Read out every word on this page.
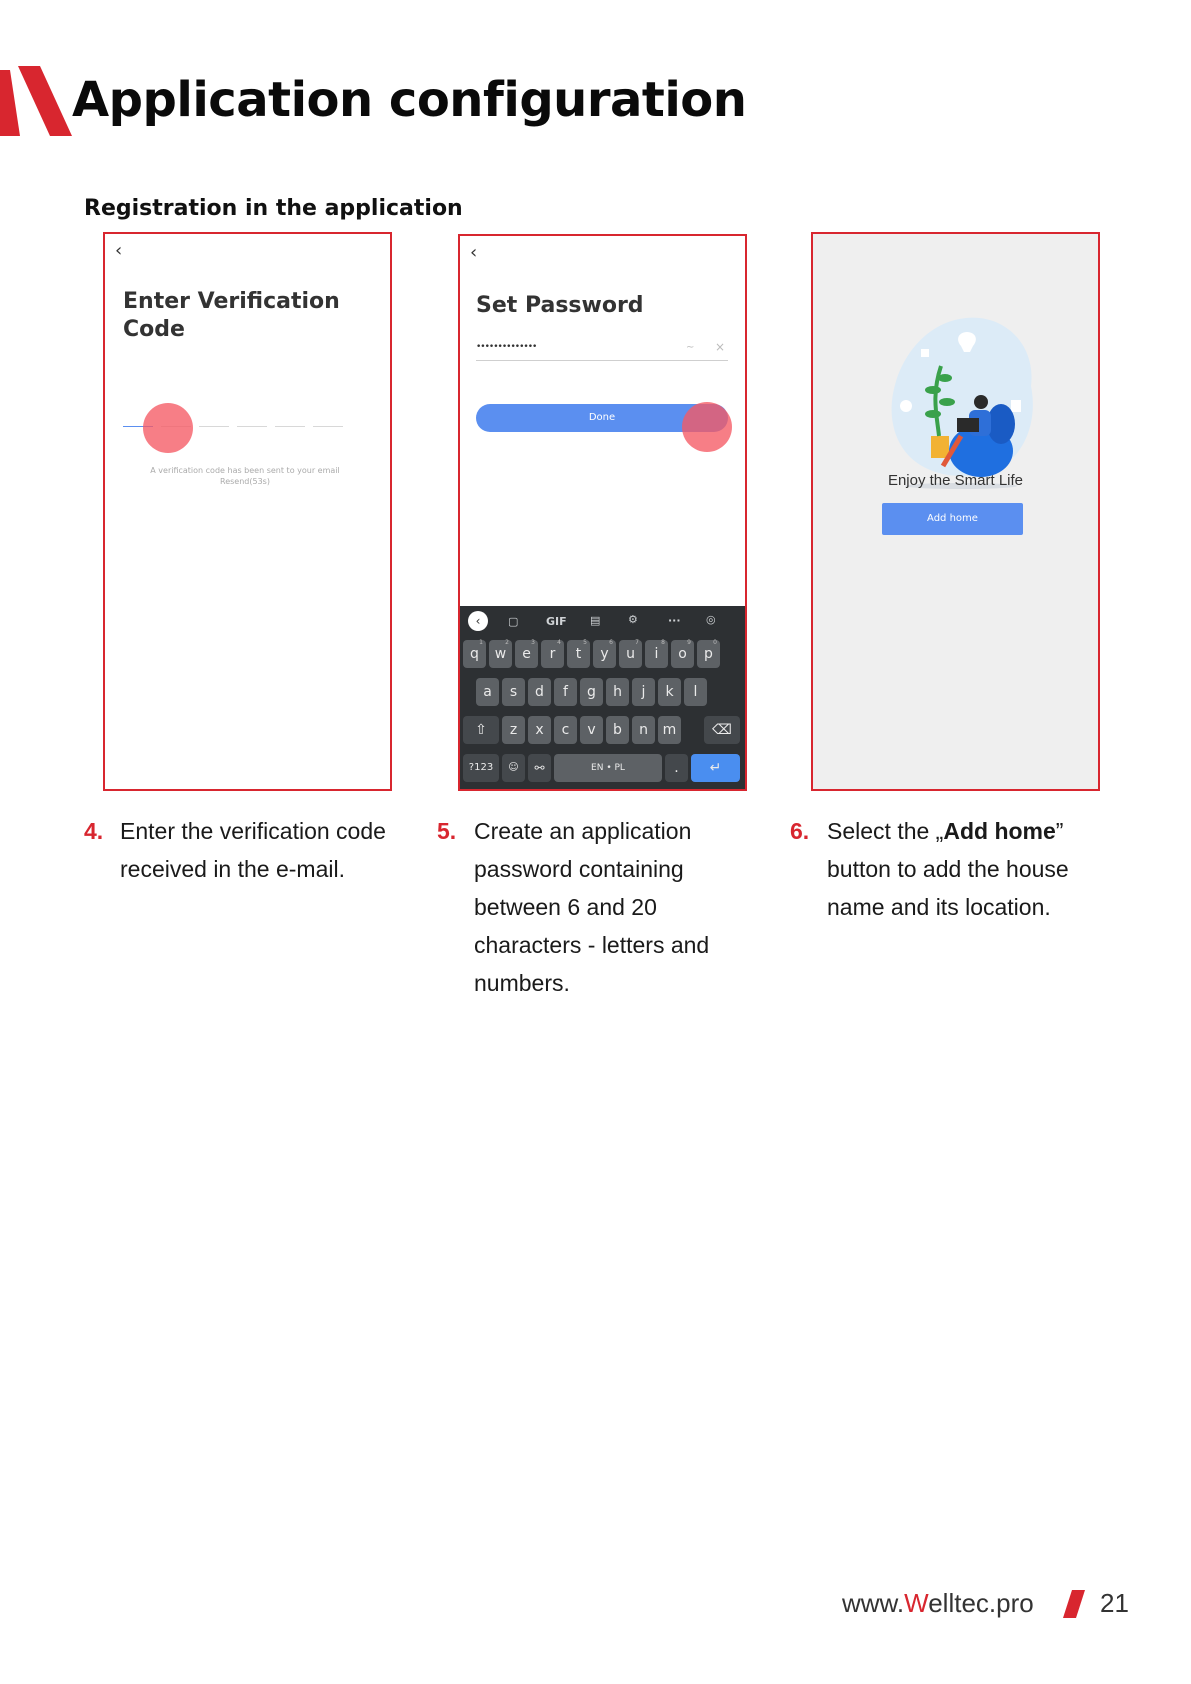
Application configuration
Registration in the application
‹
Enter Verification Code
A verification code has been sent to your email
Resend(53s)
‹
Set Password
••••••••••••••	∼ ×
Done
‹	▢	GIF ▤	⚙	··· ◎
q
1
w
2
e
3
r
4
t
5
y
6
u
7
i
8
o
9
p
0
a	s	d	f	g	h	j	k	l
⇧	z	x	c	v	b	n	m	⌫
?123	☺	⚯	EN • PL	.	↵
Enjoy the Smart Life
Add home
4. Enter the verification code received in the e-mail.
5. Create an application password containing between 6 and 20 characters - letters and numbers.
6. Select the „Add home” button to add the house name and its location.
www.Welltec.pro	21
